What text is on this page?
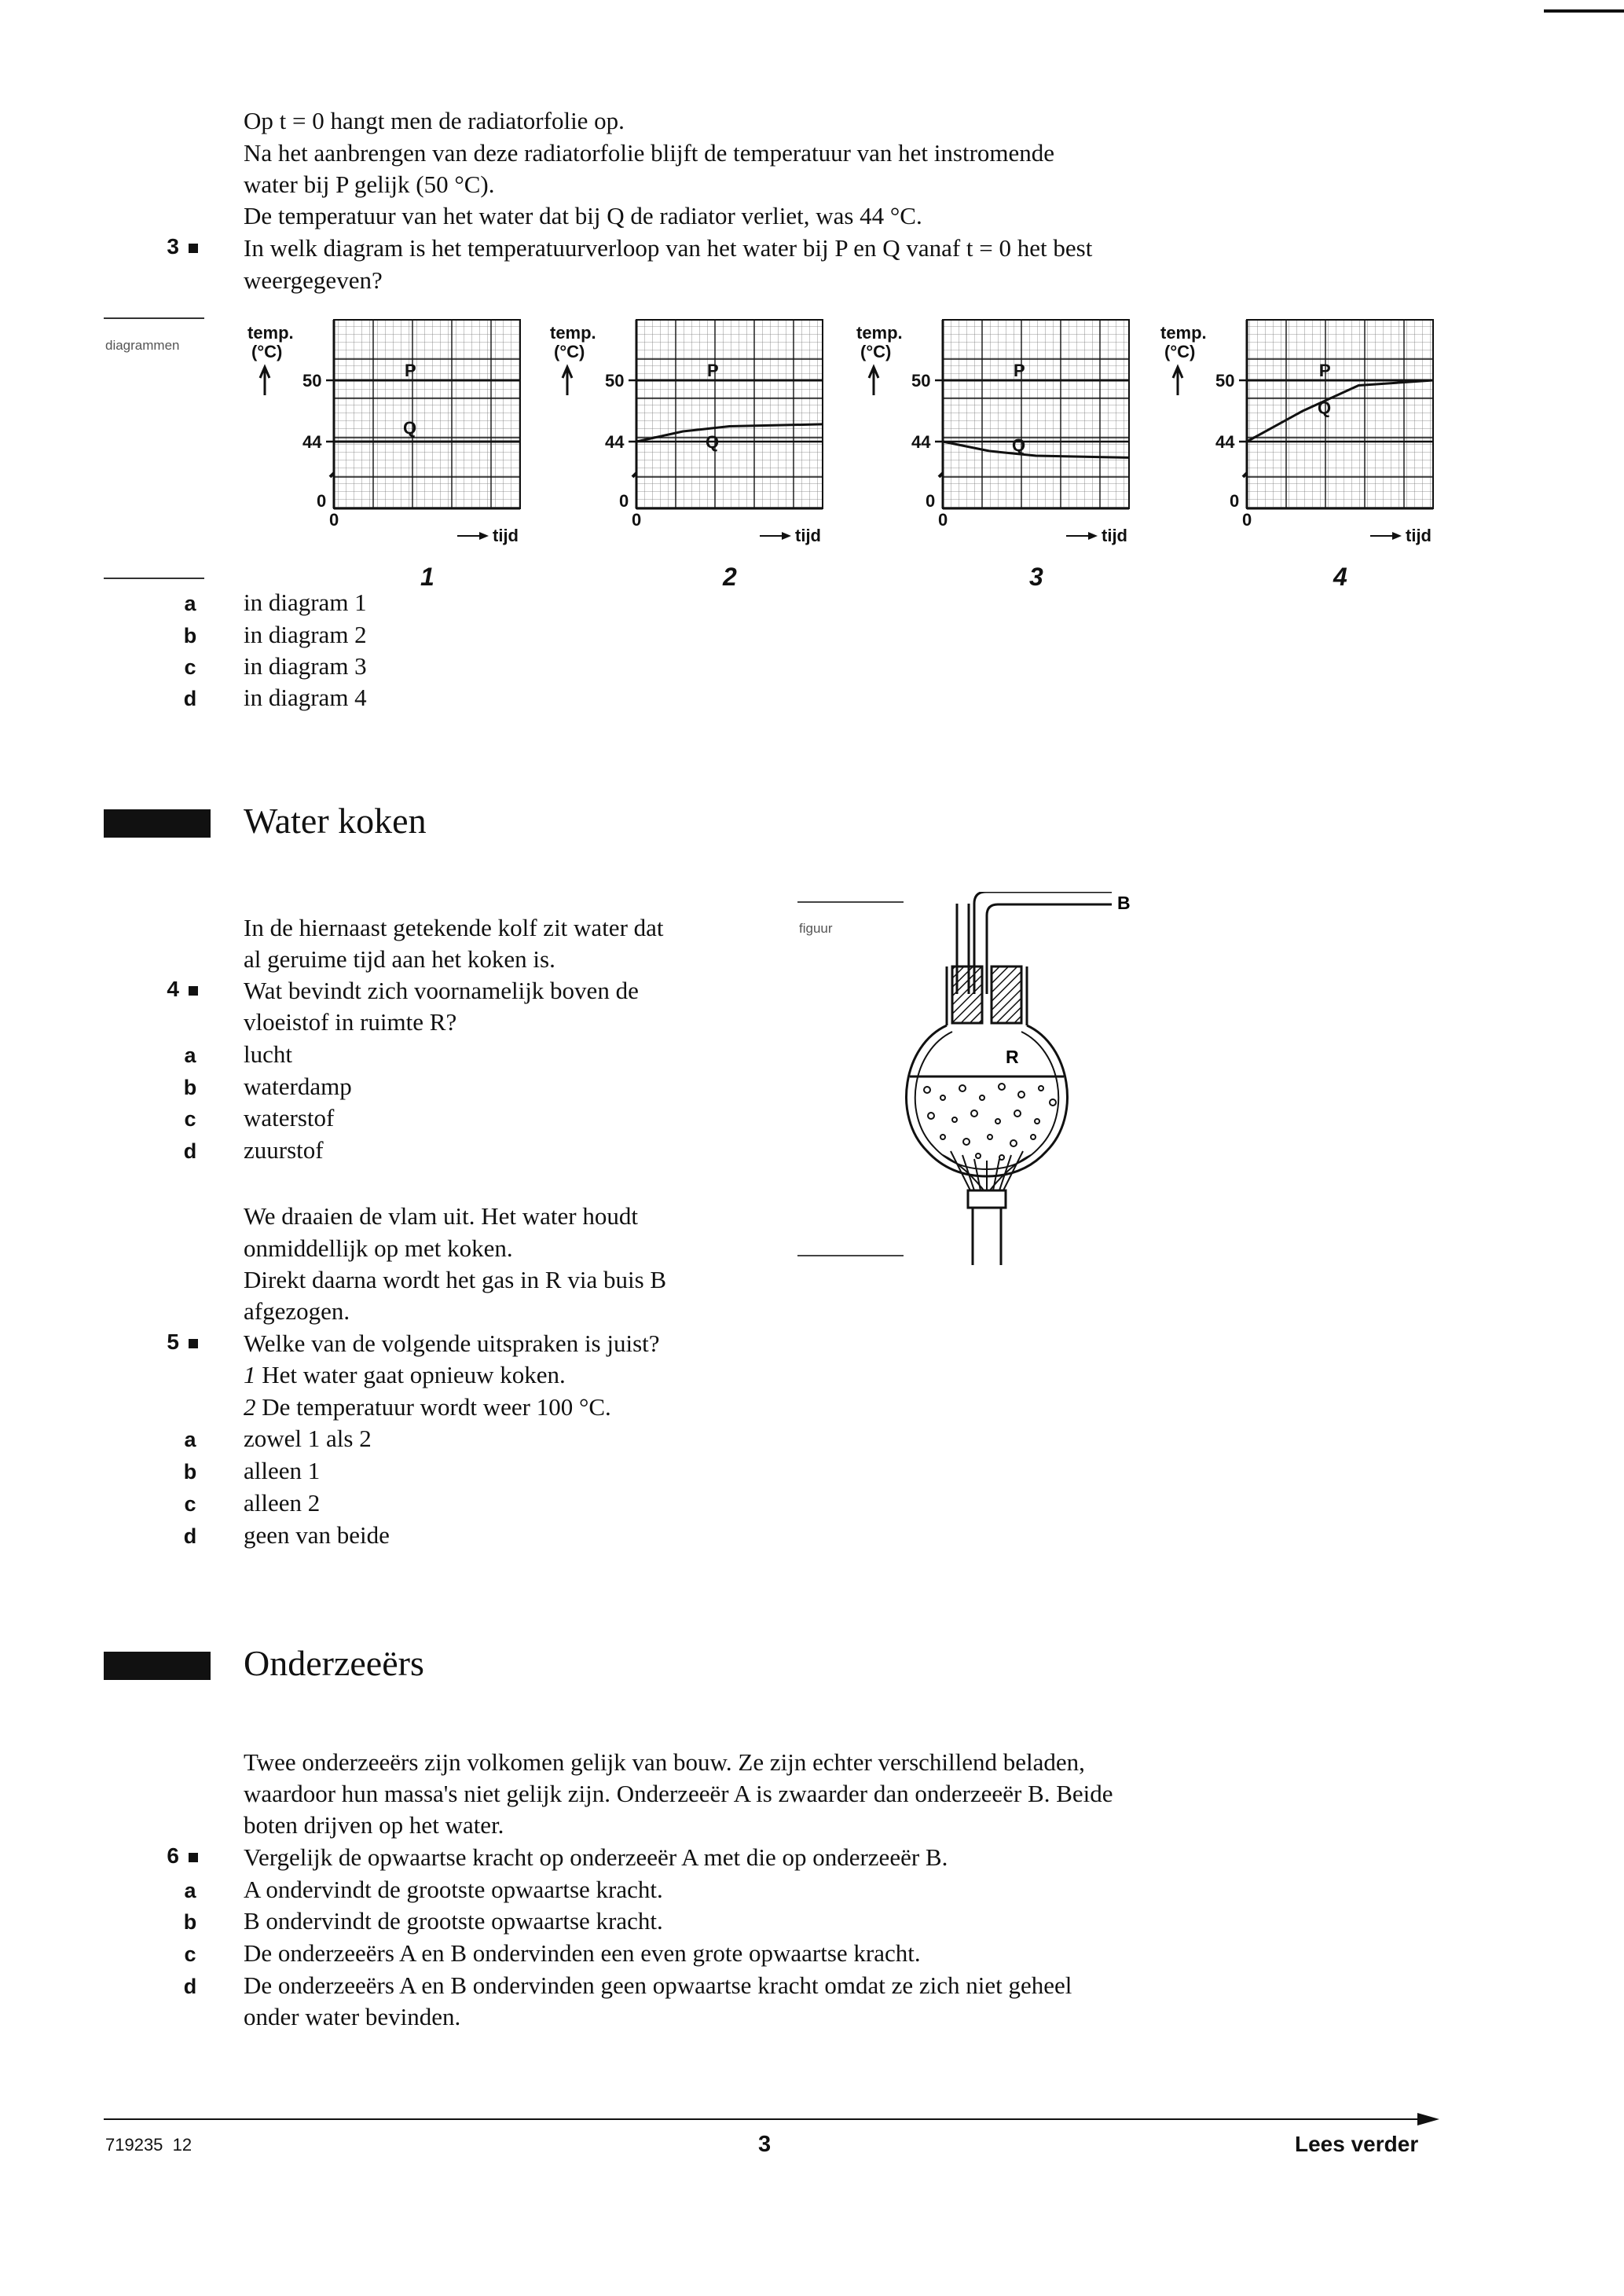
Op t = 0 hangt men de radiatorfolie op.
Na het aanbrengen van deze radiatorfolie blijft de temperatuur van het instromende
water bij P gelijk (50 °C).
De temperatuur van het water dat bij Q de radiator verliet, was 44 °C.
3	In welk diagram is het temperatuurverloop van het water bij P en Q vanaf t = 0 het best
weergegeven?
diagrammen
temp.
(°C)
50
44
0
0
tijd
P
Q
1
temp.
(°C)
50
44
0
0
tijd
P
Q
2
temp.
(°C)
50
44
0
0
tijd
P
Q
3
temp.
(°C)
50
44
0
0
tijd
P
Q
4
a in diagram 1
b in diagram 2
c in diagram 3
d in diagram 4
Water koken
In de hiernaast getekende kolf zit water dat
al geruime tijd aan het koken is.
4	Wat bevindt zich voornamelijk boven de
vloeistof in ruimte R?
a lucht
b waterdamp
c waterstof
d zuurstof
We draaien de vlam uit. Het water houdt
onmiddellijk op met koken.
Direkt daarna wordt het gas in R via buis B
afgezogen.
5	Welke van de volgende uitspraken is juist?
1 Het water gaat opnieuw koken.
2 De temperatuur wordt weer 100 °C.
a zowel 1 als 2
b alleen 1
c alleen 2
d geen van beide
figuur
B
R
Onderzeeërs
Twee onderzeeërs zijn volkomen gelijk van bouw. Ze zijn echter verschillend beladen,
waardoor hun massa's niet gelijk zijn. Onderzeeër A is zwaarder dan onderzeeër B. Beide
boten drijven op het water.
6	Vergelijk de opwaartse kracht op onderzeeër A met die op onderzeeër B.
a A ondervindt de grootste opwaartse kracht.
b B ondervindt de grootste opwaartse kracht.
c De onderzeeërs A en B ondervinden een even grote opwaartse kracht.
d De onderzeeërs A en B ondervinden geen opwaartse kracht omdat ze zich niet geheel
onder water bevinden.
719235  12	3	Lees verder
